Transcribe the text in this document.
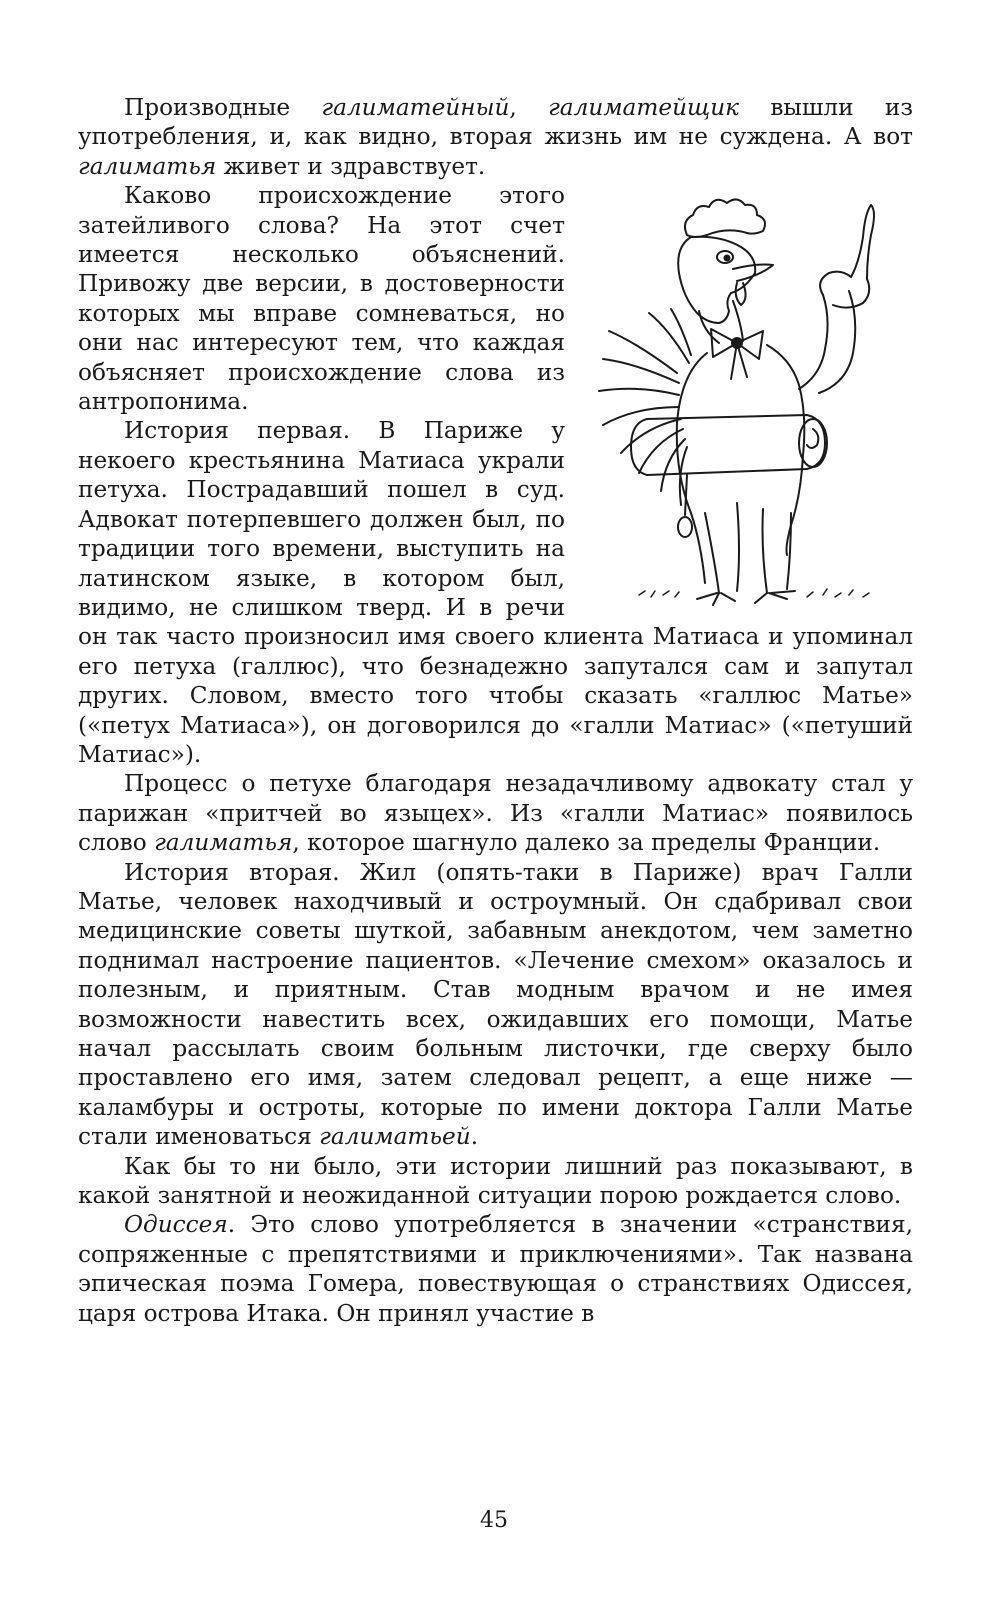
Производные галиматейный, галиматейщик вышли из употребления, и, как видно, вторая жизнь им не суждена. А вот галиматья живет и здравствует.

Каково происхождение этого затейливого слова? На этот счет имеется несколько объяснений. Привожу две версии, в достоверности которых мы вправе сомневаться, но они нас интересуют тем, что каждая объясняет происхождение слова из антропонима.

История первая. В Париже у некоего крестьянина Матиаса украли петуха. Пострадавший пошел в суд. Адвокат потерпевшего должен был, по традиции того времени, выступить на латинском языке, в котором был, видимо, не слишком тверд. И в речи он так часто произносил имя своего клиента Матиаса и упоминал его петуха (галлюс), что безнадежно запутался сам и запутал других. Словом, вместо того чтобы сказать «галлюс Матье» («петух Матиаса»), он договорился до «галли Матиас» («петуший Матиас»).

Процесс о петухе благодаря незадачливому адвокату стал у парижан «притчей во языцех». Из «галли Матиас» появилось слово галиматья, которое шагнуло далеко за пределы Франции.

История вторая. Жил (опять-таки в Париже) врач Галли Матье, человек находчивый и остроумный. Он сдабривал свои медицинские советы шуткой, забавным анекдотом, чем заметно поднимал настроение пациентов. «Лечение смехом» оказалось и полезным, и приятным. Став модным врачом и не имея возможности навестить всех, ожидавших его помощи, Матье начал рассылать своим больным листочки, где сверху было проставлено его имя, затем следовал рецепт, а еще ниже — каламбуры и остроты, которые по имени доктора Галли Матье стали именоваться галиматьей.

Как бы то ни было, эти истории лишний раз показывают, в какой занятной и неожиданной ситуации порою рождается слово.

Одиссея. Это слово употребляется в значении «странствия, сопряженные с препятствиями и приключениями». Так названа эпическая поэма Гомера, повествующая о странствиях Одиссея, царя острова Итака. Он принял участие в

45
